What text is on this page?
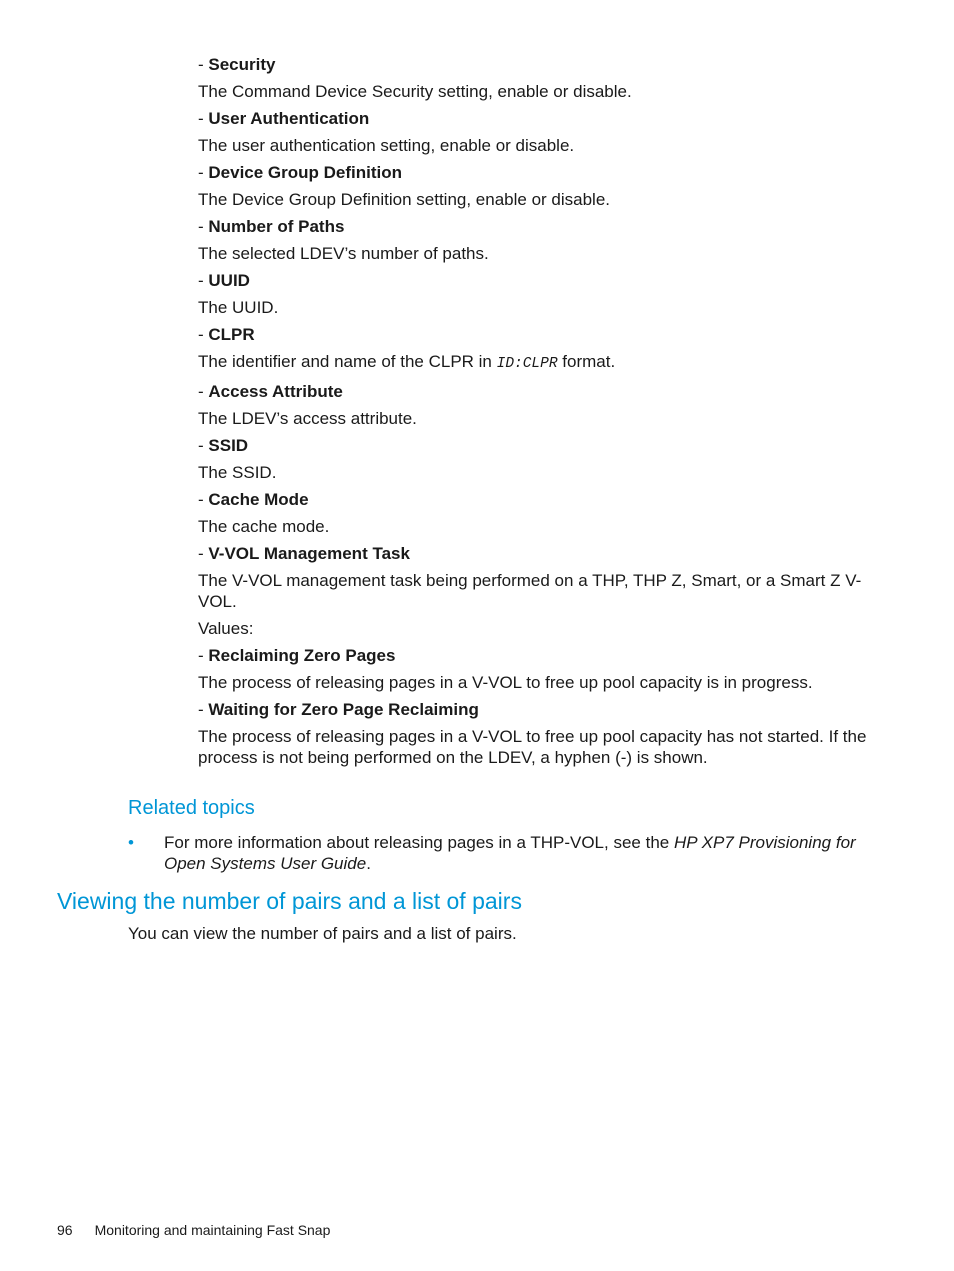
- Security

The Command Device Security setting, enable or disable.

- User Authentication

The user authentication setting, enable or disable.

- Device Group Definition

The Device Group Definition setting, enable or disable.

- Number of Paths

The selected LDEV’s number of paths.

- UUID

The UUID.

- CLPR

The identifier and name of the CLPR in ID:CLPR format.

- Access Attribute

The LDEV’s access attribute.

- SSID

The SSID.

- Cache Mode

The cache mode.

- V-VOL Management Task

The V-VOL management task being performed on a THP, THP Z, Smart, or a Smart Z V-VOL.

Values:

- Reclaiming Zero Pages

The process of releasing pages in a V-VOL to free up pool capacity is in progress.

- Waiting for Zero Page Reclaiming

The process of releasing pages in a V-VOL to free up pool capacity has not started. If the process is not being performed on the LDEV, a hyphen (-) is shown.

Related topics
• For more information about releasing pages in a THP-VOL, see the HP XP7 Provisioning for Open Systems User Guide.
Viewing the number of pairs and a list of pairs

You can view the number of pairs and a list of pairs.

96 Monitoring and maintaining Fast Snap
